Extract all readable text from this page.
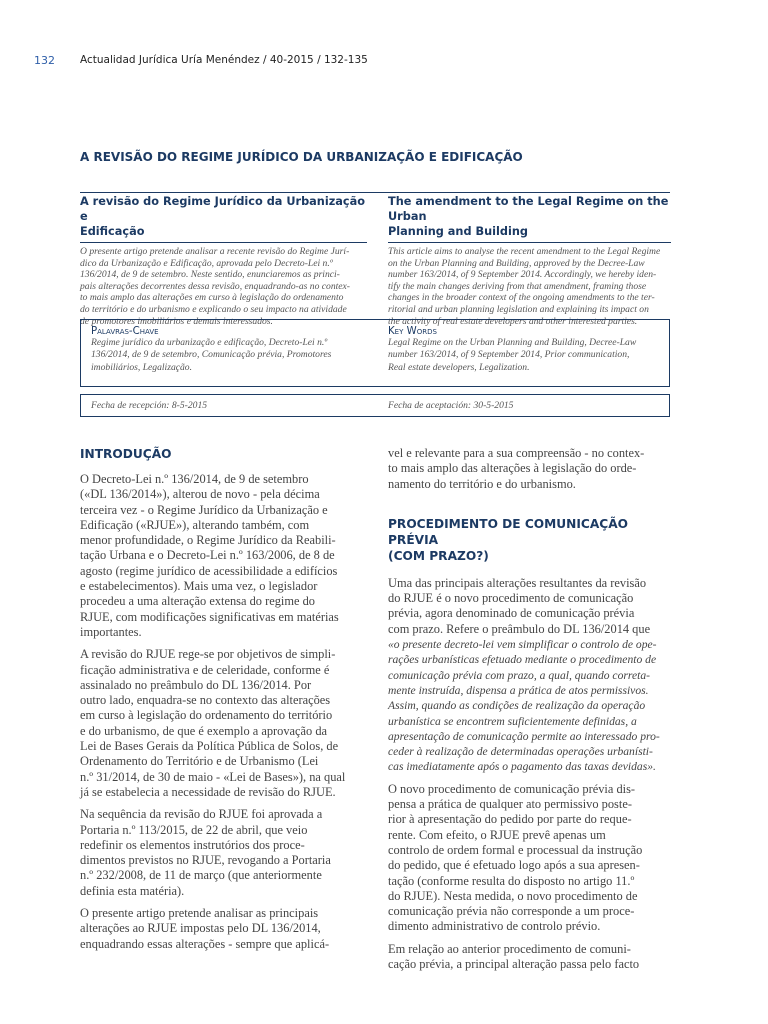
132 Actualidad Jurídica Uría Menéndez / 40-2015 / 132-135
A REVISÃO DO REGIME JURÍDICO DA URBANIZAÇÃO E EDIFICAÇÃO
A revisão do Regime Jurídico da Urbanização e
Edificação
O presente artigo pretende analisar a recente revisão do Regime Jurí-
dico da Urbanização e Edificação, aprovada pelo Decreto-Lei n.º
136/2014, de 9 de setembro. Neste sentido, enunciaremos as princi-
pais alterações decorrentes dessa revisão, enquadrando-as no contex-
to mais amplo das alterações em curso à legislação do ordenamento
do território e do urbanismo e explicando o seu impacto na atividade
de promotores imobiliários e demais interessados.
The amendment to the Legal Regime on the Urban
Planning and Building
This article aims to analyse the recent amendment to the Legal Regime
on the Urban Planning and Building, approved by the Decree-Law
number 163/2014, of 9 September 2014. Accordingly, we hereby iden-
tify the main changes deriving from that amendment, framing those
changes in the broader context of the ongoing amendments to the ter-
ritorial and urban planning legislation and explaining its impact on
the activity of real estate developers and other interested parties.
Palavras-Chave
Regime jurídico da urbanização e edificação, Decreto-Lei n.º
136/2014, de 9 de setembro, Comunicação prévia, Promotores
imobiliários, Legalização.
Key Words
Legal Regime on the Urban Planning and Building, Decree-Law
number 163/2014, of 9 September 2014, Prior communication,
Real estate developers, Legalization.
Fecha de recepción: 8-5-2015	Fecha de aceptación: 30-5-2015
INTRODUÇÃO
O Decreto-Lei n.º 136/2014, de 9 de setembro
(«DL 136/2014»), alterou de novo - pela décima
terceira vez - o Regime Jurídico da Urbanização e
Edificação («RJUE»), alterando também, com
menor profundidade, o Regime Jurídico da Reabili-
tação Urbana e o Decreto-Lei n.º 163/2006, de 8 de
agosto (regime jurídico de acessibilidade a edifícios
e estabelecimentos). Mais uma vez, o legislador
procedeu a uma alteração extensa do regime do
RJUE, com modificações significativas em matérias
importantes.
A revisão do RJUE rege-se por objetivos de simpli-
ficação administrativa e de celeridade, conforme é
assinalado no preâmbulo do DL 136/2014. Por
outro lado, enquadra-se no contexto das alterações
em curso à legislação do ordenamento do território
e do urbanismo, de que é exemplo a aprovação da
Lei de Bases Gerais da Política Pública de Solos, de
Ordenamento do Território e de Urbanismo (Lei
n.º 31/2014, de 30 de maio - «Lei de Bases»), na qual
já se estabelecia a necessidade de revisão do RJUE.
Na sequência da revisão do RJUE foi aprovada a
Portaria n.º 113/2015, de 22 de abril, que veio
redefinir os elementos instrutórios dos proce-
dimentos previstos no RJUE, revogando a Portaria
n.º 232/2008, de 11 de março (que anteriormente
definia esta matéria).
O presente artigo pretende analisar as principais
alterações ao RJUE impostas pelo DL 136/2014,
enquadrando essas alterações - sempre que aplicá-
vel e relevante para a sua compreensão - no contex-
to mais amplo das alterações à legislação do orde-
namento do território e do urbanismo.
PROCEDIMENTO DE COMUNICAÇÃO PRÉVIA
(COM PRAZO?)
Uma das principais alterações resultantes da revisão
do RJUE é o novo procedimento de comunicação
prévia, agora denominado de comunicação prévia
com prazo. Refere o preâmbulo do DL 136/2014 que
«o presente decreto-lei vem simplificar o controlo de ope-
rações urbanísticas efetuado mediante o procedimento de
comunicação prévia com prazo, a qual, quando correta-
mente instruída, dispensa a prática de atos permissivos.
Assim, quando as condições de realização da operação
urbanística se encontrem suficientemente definidas, a
apresentação de comunicação permite ao interessado pro-
ceder à realização de determinadas operações urbanísti-
cas imediatamente após o pagamento das taxas devidas».
O novo procedimento de comunicação prévia dis-
pensa a prática de qualquer ato permissivo poste-
rior à apresentação do pedido por parte do reque-
rente. Com efeito, o RJUE prevê apenas um
controlo de ordem formal e processual da instrução
do pedido, que é efetuado logo após a sua apresen-
tação (conforme resulta do disposto no artigo 11.º
do RJUE). Nesta medida, o novo procedimento de
comunicação prévia não corresponde a um proce-
dimento administrativo de controlo prévio.
Em relação ao anterior procedimento de comuni-
cação prévia, a principal alteração passa pelo facto
